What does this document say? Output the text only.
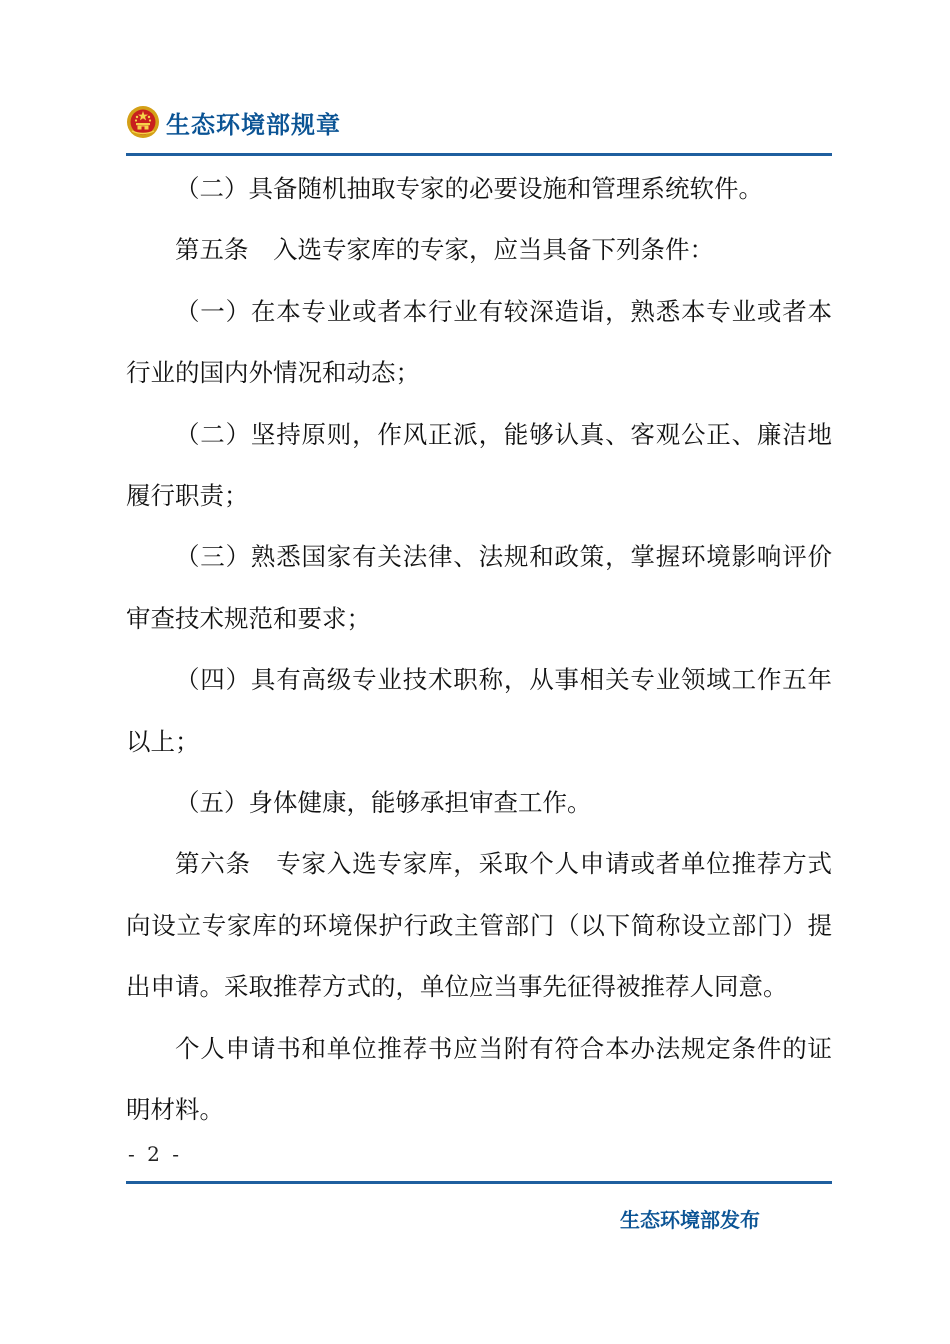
生态环境部规章

（二）具备随机抽取专家的必要设施和管理系统软件。

第五条　入选专家库的专家，应当具备下列条件：

（一）在本专业或者本行业有较深造诣，熟悉本专业或者本行业的国内外情况和动态；

（二）坚持原则，作风正派，能够认真、客观公正、廉洁地履行职责；

（三）熟悉国家有关法律、法规和政策，掌握环境影响评价审查技术规范和要求；

（四）具有高级专业技术职称，从事相关专业领域工作五年以上；

（五）身体健康，能够承担审查工作。

第六条　专家入选专家库，采取个人申请或者单位推荐方式向设立专家库的环境保护行政主管部门（以下简称设立部门）提出申请。采取推荐方式的，单位应当事先征得被推荐人同意。

个人申请书和单位推荐书应当附有符合本办法规定条件的证明材料。

- 2 -
生态环境部发布
